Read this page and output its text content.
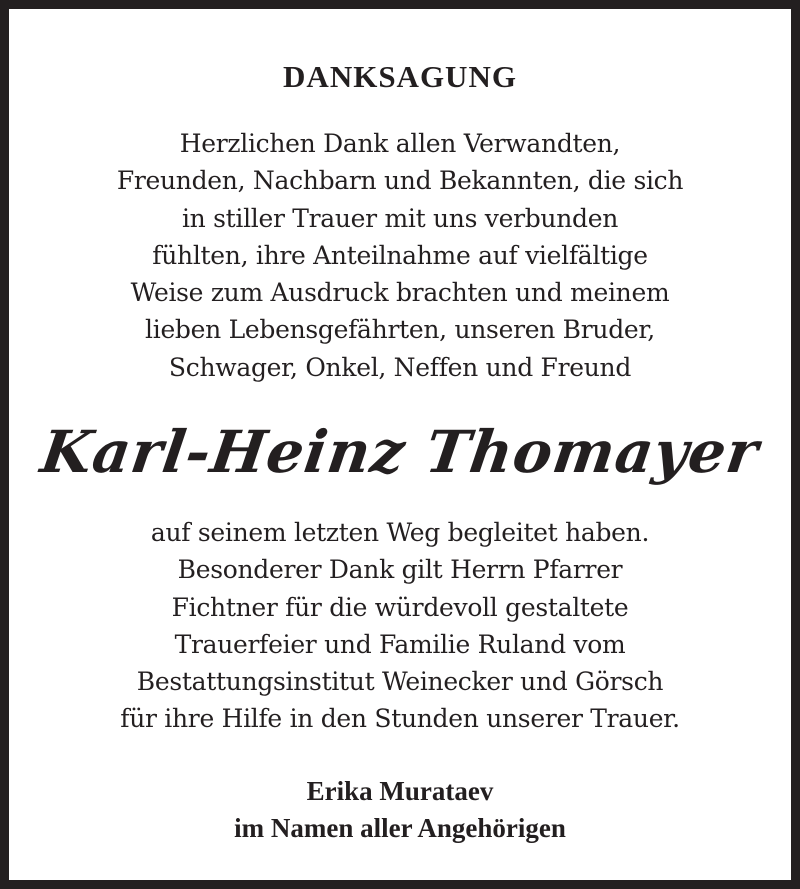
DANKSAGUNG
Herzlichen Dank allen Verwandten,
Freunden, Nachbarn und Bekannten, die sich
in stiller Trauer mit uns verbunden
fühlten, ihre Anteilnahme auf vielfältige
Weise zum Ausdruck brachten und meinem
lieben Lebensgefährten, unseren Bruder,
Schwager, Onkel, Neffen und Freund
Karl-Heinz Thomayer
auf seinem letzten Weg begleitet haben.
Besonderer Dank gilt Herrn Pfarrer
Fichtner für die würdevoll gestaltete
Trauerfeier und Familie Ruland vom
Bestattungsinstitut Weinecker und Görsch
für ihre Hilfe in den Stunden unserer Trauer.
Erika Murataev
im Namen aller Angehörigen
